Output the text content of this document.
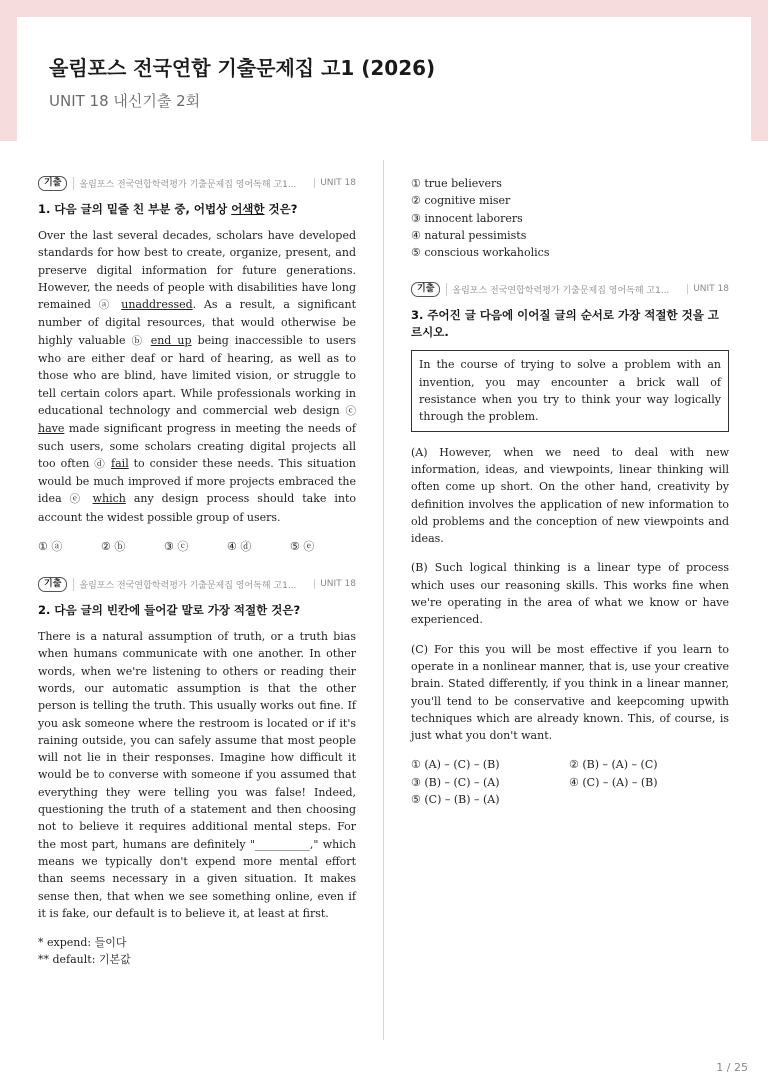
올림포스 전국연합 기출문제집 고1 (2026)
UNIT 18 내신기출 2회
기출	올림포스 전국연합학력평가 기출문제집 영어독해 고1...	UNIT 18
1. 다음 글의 밑줄 친 부분 중, 어법상 어색한 것은?

Over the last several decades, scholars have developed standards for how best to create, organize, present, and preserve digital information for future generations. However, the needs of people with disabilities have long remained ⓐ unaddressed. As a result, a significant number of digital resources, that would otherwise be highly valuable ⓑ end up being inaccessible to users who are either deaf or hard of hearing, as well as to those who are blind, have limited vision, or struggle to tell certain colors apart. While professionals working in educational technology and commercial web design ⓒ have made significant progress in meeting the needs of such users, some scholars creating digital projects all too often ⓓ fail to consider these needs. This situation would be much improved if more projects embraced the idea ⓔ which any design process should take into account the widest possible group of users.

① ⓐ	② ⓑ	③ ⓒ	④ ⓓ	⑤ ⓔ
기출	올림포스 전국연합학력평가 기출문제집 영어독해 고1...	UNIT 18
2. 다음 글의 빈칸에 들어갈 말로 가장 적절한 것은?

There is a natural assumption of truth, or a truth bias when humans communicate with one another. In other words, when we're listening to others or reading their words, our automatic assumption is that the other person is telling the truth. This usually works out fine. If you ask someone where the restroom is located or if it's raining outside, you can safely assume that most people will not lie in their responses. Imagine how difficult it would be to converse with someone if you assumed that everything they were telling you was false! Indeed, questioning the truth of a statement and then choosing not to believe it requires additional mental steps. For the most part, humans are definitely "__________," which means we typically don't expend more mental effort than seems necessary in a given situation. It makes sense then, that when we see something online, even if it is fake, our default is to believe it, at least at first.

* expend: 들이다
** default: 기본값
① true believers
② cognitive miser
③ innocent laborers
④ natural pessimists
⑤ conscious workaholics
기출	올림포스 전국연합학력평가 기출문제집 영어독해 고1...	UNIT 18
3. 주어진 글 다음에 이어질 글의 순서로 가장 적절한 것을 고르시오.
In the course of trying to solve a problem with an invention, you may encounter a brick wall of resistance when you try to think your way logically through the problem.

(A) However, when we need to deal with new information, ideas, and viewpoints, linear thinking will often come up short. On the other hand, creativity by definition involves the application of new information to old problems and the conception of new viewpoints and ideas.

(B) Such logical thinking is a linear type of process which uses our reasoning skills. This works fine when we're operating in the area of what we know or have experienced.

(C) For this you will be most effective if you learn to operate in a nonlinear manner, that is, use your creative brain. Stated differently, if you think in a linear manner, you'll tend to be conservative and keepcoming upwith techniques which are already known. This, of course, is just what you don't want.

① (A) – (C) – (B)	② (B) – (A) – (C)
③ (B) – (C) – (A)	④ (C) – (A) – (B)
⑤ (C) – (B) – (A)
1 / 25
